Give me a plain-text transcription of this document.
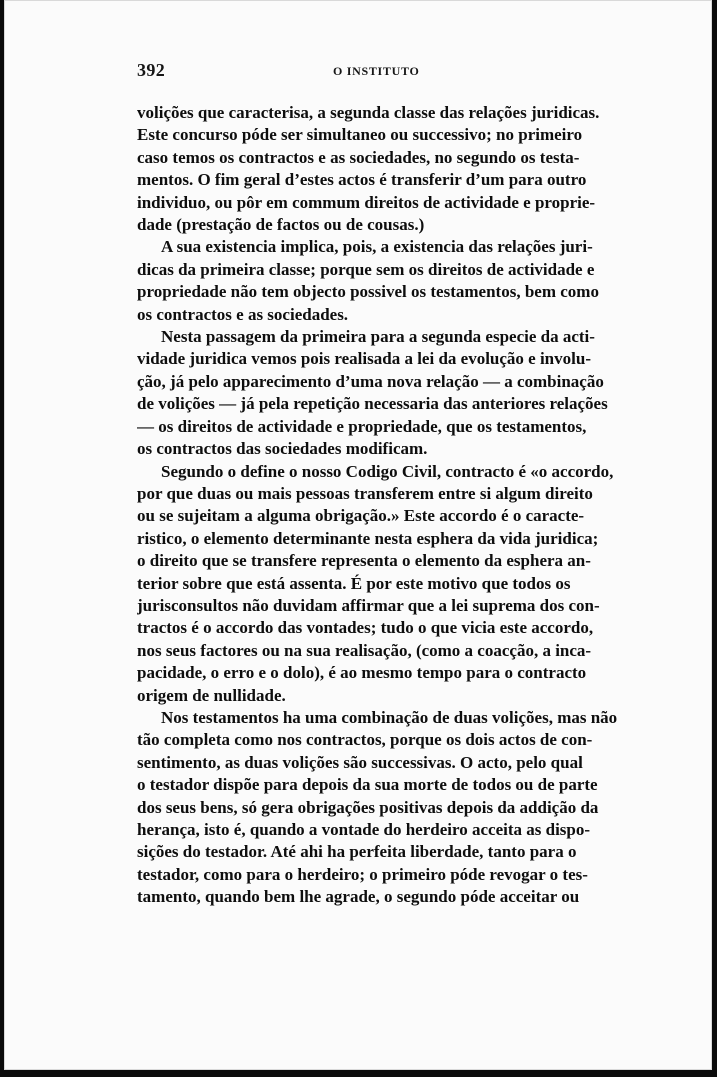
392	O INSTITUTO

volições que caracterisa, a segunda classe das relações juridicas.
Este concurso póde ser simultaneo ou successivo; no primeiro
caso temos os contractos e as sociedades, no segundo os testa-
mentos. O fim geral d’estes actos é transferir d’um para outro
individuo, ou pôr em commum direitos de actividade e proprie-
dade (prestação de factos ou de cousas.)

A sua existencia implica, pois, a existencia das relações juri-
dicas da primeira classe; porque sem os direitos de actividade e
propriedade não tem objecto possivel os testamentos, bem como
os contractos e as sociedades.

Nesta passagem da primeira para a segunda especie da acti-
vidade juridica vemos pois realisada a lei da evolução e involu-
ção, já pelo apparecimento d’uma nova relação — a combinação
de volições — já pela repetição necessaria das anteriores relações
— os direitos de actividade e propriedade, que os testamentos,
os contractos das sociedades modificam.

Segundo o define o nosso Codigo Civil, contracto é «o accordo,
por que duas ou mais pessoas transferem entre si algum direito
ou se sujeitam a alguma obrigação.» Este accordo é o caracte-
ristico, o elemento determinante nesta esphera da vida juridica;
o direito que se transfere representa o elemento da esphera an-
terior sobre que está assenta. É por este motivo que todos os
jurisconsultos não duvidam affirmar que a lei suprema dos con-
tractos é o accordo das vontades; tudo o que vicia este accordo,
nos seus factores ou na sua realisação, (como a coacção, a inca-
pacidade, o erro e o dolo), é ao mesmo tempo para o contracto
origem de nullidade.

Nos testamentos ha uma combinação de duas volições, mas não
tão completa como nos contractos, porque os dois actos de con-
sentimento, as duas volições são successivas. O acto, pelo qual
o testador dispõe para depois da sua morte de todos ou de parte
dos seus bens, só gera obrigações positivas depois da addição da
herança, isto é, quando a vontade do herdeiro acceita as dispo-
sições do testador. Até ahi ha perfeita liberdade, tanto para o
testador, como para o herdeiro; o primeiro póde revogar o tes-
tamento, quando bem lhe agrade, o segundo póde acceitar ou
